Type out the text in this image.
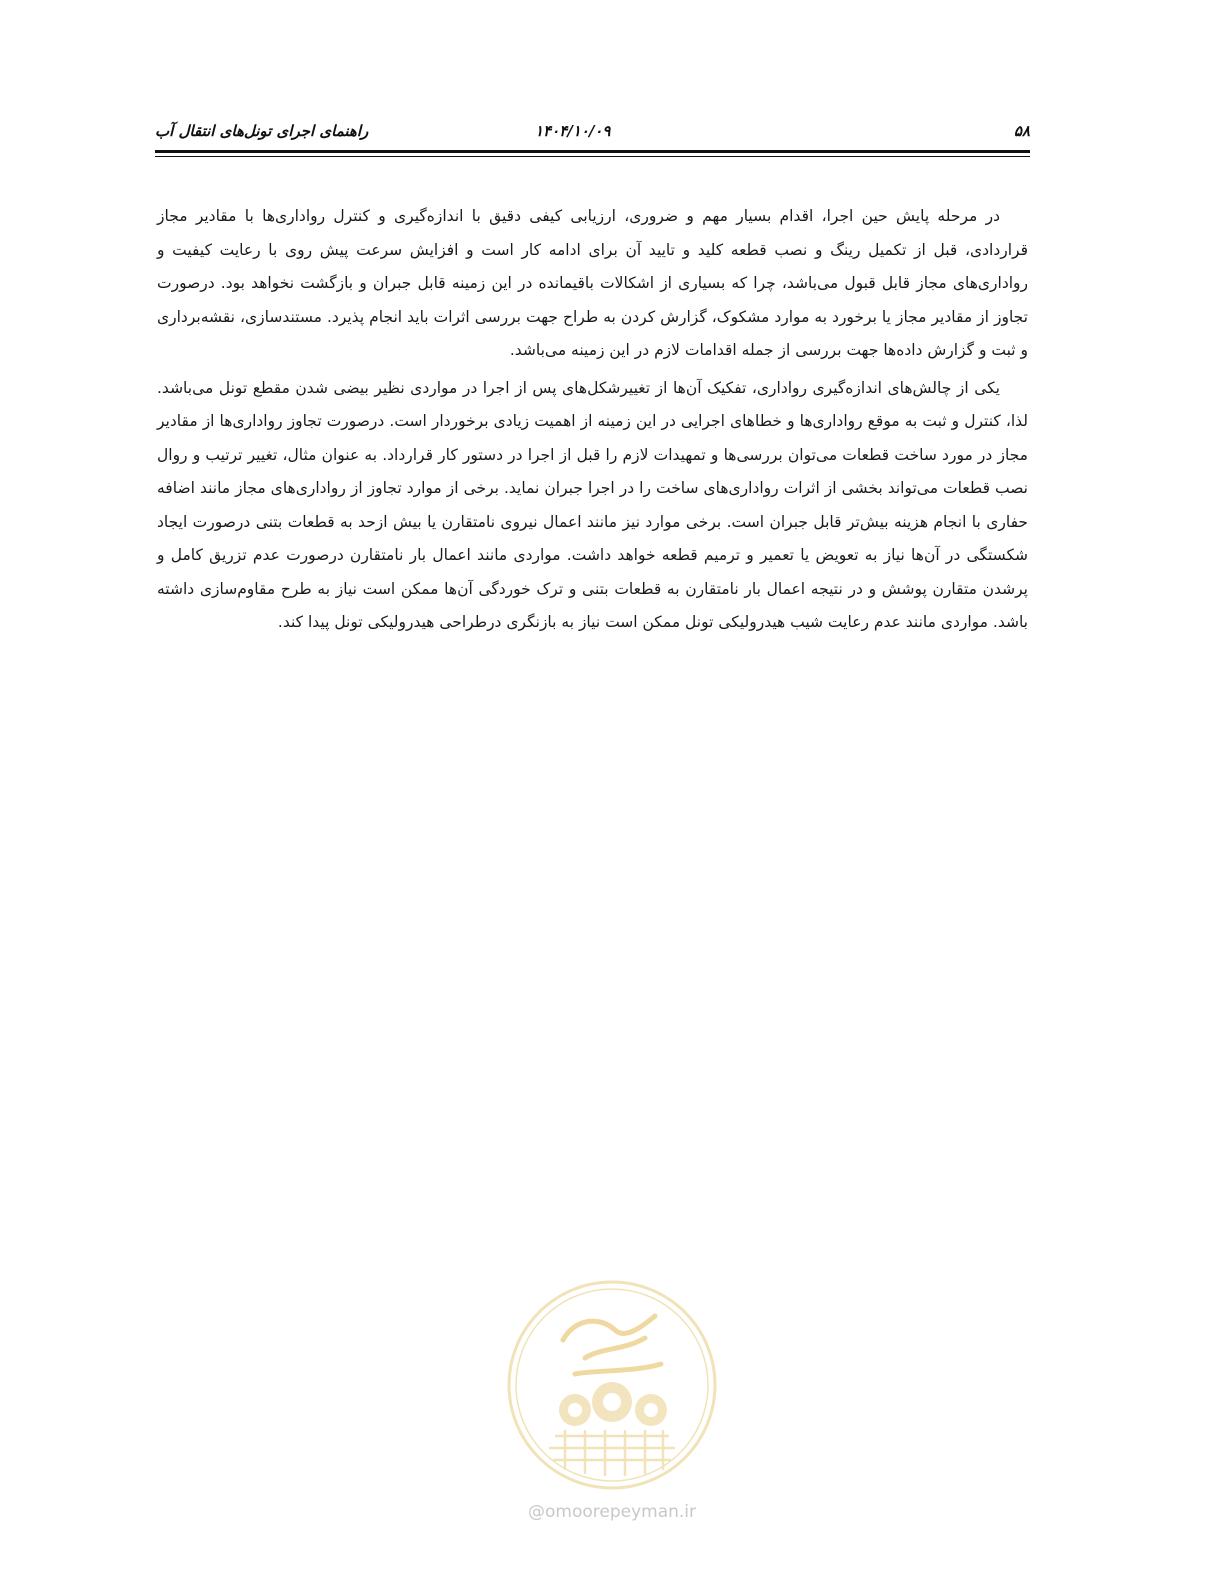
راهنمای اجرای تونل‌های انتقال آب	۱۴۰۴/۱۰/۰۹	۵۸

در مرحله پایش حین اجرا، اقدام بسیار مهم و ضروری، ارزیابی کیفی دقیق با اندازه‌گیری و کنترل رواداری‌ها با مقادیر مجاز قراردادی، قبل از تکمیل رینگ و نصب قطعه کلید و تایید آن برای ادامه کار است و افزایش سرعت پیش روی با رعایت کیفیت و رواداری‌های مجاز قابل قبول می‌باشد، چرا که بسیاری از اشکالات باقیمانده در این زمینه قابل جبران و بازگشت نخواهد بود. درصورت تجاوز از مقادیر مجاز یا برخورد به موارد مشکوک، گزارش کردن به طراح جهت بررسی اثرات باید انجام پذیرد. مستندسازی، نقشه‌برداری و ثبت و گزارش داده‌ها جهت بررسی از جمله اقدامات لازم در این زمینه می‌باشد.

یکی از چالش‌های اندازه‌گیری رواداری، تفکیک آن‌ها از تغییرشکل‌های پس از اجرا در مواردی نظیر بیضی شدن مقطع تونل می‌باشد. لذا، کنترل و ثبت به موقع رواداری‌ها و خطاهای اجرایی در این زمینه از اهمیت زیادی برخوردار است. درصورت تجاوز رواداری‌ها از مقادیر مجاز در مورد ساخت قطعات می‌توان بررسی‌ها و تمهیدات لازم را قبل از اجرا در دستور کار قرارداد. به عنوان مثال، تغییر ترتیب و روال نصب قطعات می‌تواند بخشی از اثرات رواداری‌های ساخت را در اجرا جبران نماید. برخی از موارد تجاوز از رواداری‌های مجاز مانند اضافه حفاری با انجام هزینه بیش‌تر قابل جبران است. برخی موارد نیز مانند اعمال نیروی نامتقارن یا بیش ازحد به قطعات بتنی درصورت ایجاد شکستگی در آن‌ها نیاز به تعویض یا تعمیر و ترمیم قطعه خواهد داشت. مواردی مانند اعمال بار نامتقارن درصورت عدم تزریق کامل و پرشدن متقارن پوشش و در نتیجه اعمال بار نامتقارن به قطعات بتنی و ترک خوردگی آن‌ها ممکن است نیاز به طرح مقاوم‌سازی داشته باشد. مواردی مانند عدم رعایت شیب هیدرولیکی تونل ممکن است نیاز به بازنگری درطراحی هیدرولیکی تونل پیدا کند.

@omoorepeyman.ir
